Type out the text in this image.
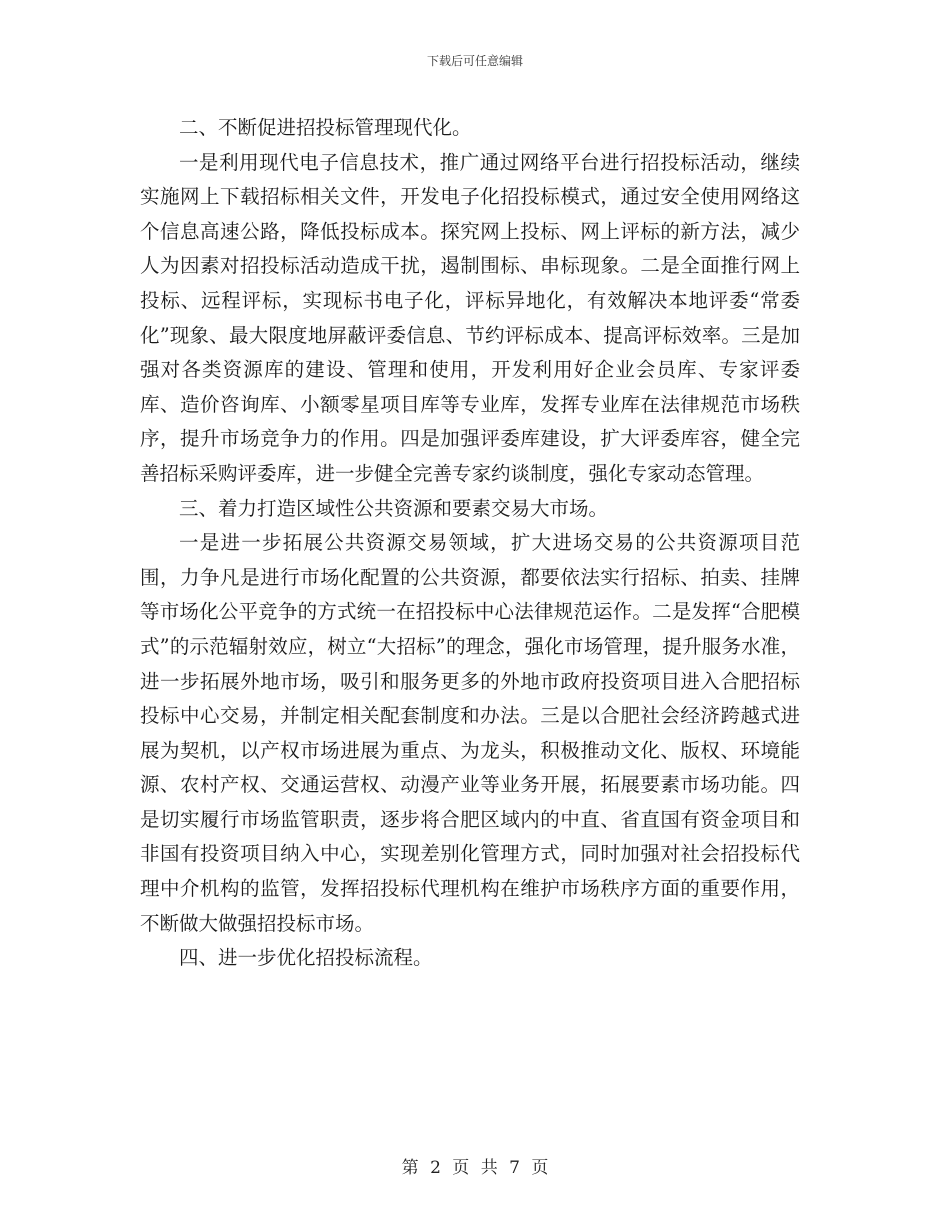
下载后可任意编辑

二、不断促进招投标管理现代化。

一是利用现代电子信息技术，推广通过网络平台进行招投标活动，继续实施网上下载招标相关文件，开发电子化招投标模式，通过安全使用网络这个信息高速公路，降低投标成本。探究网上投标、网上评标的新方法，减少人为因素对招投标活动造成干扰，遏制围标、串标现象。二是全面推行网上投标、远程评标，实现标书电子化，评标异地化，有效解决本地评委“常委化”现象、最大限度地屏蔽评委信息、节约评标成本、提高评标效率。三是加强对各类资源库的建设、管理和使用，开发利用好企业会员库、专家评委库、造价咨询库、小额零星项目库等专业库，发挥专业库在法律规范市场秩序，提升市场竞争力的作用。四是加强评委库建设，扩大评委库容，健全完善招标采购评委库，进一步健全完善专家约谈制度，强化专家动态管理。

三、着力打造区域性公共资源和要素交易大市场。

一是进一步拓展公共资源交易领域，扩大进场交易的公共资源项目范围，力争凡是进行市场化配置的公共资源，都要依法实行招标、拍卖、挂牌等市场化公平竞争的方式统一在招投标中心法律规范运作。二是发挥“合肥模式”的示范辐射效应，树立“大招标”的理念，强化市场管理，提升服务水准，进一步拓展外地市场，吸引和服务更多的外地市政府投资项目进入合肥招标投标中心交易，并制定相关配套制度和办法。三是以合肥社会经济跨越式进展为契机，以产权市场进展为重点、为龙头，积极推动文化、版权、环境能源、农村产权、交通运营权、动漫产业等业务开展，拓展要素市场功能。四是切实履行市场监管职责，逐步将合肥区域内的中直、省直国有资金项目和非国有投资项目纳入中心，实现差别化管理方式，同时加强对社会招投标代理中介机构的监管，发挥招投标代理机构在维护市场秩序方面的重要作用，不断做大做强招投标市场。

四、进一步优化招投标流程。

第 2 页 共 7 页
